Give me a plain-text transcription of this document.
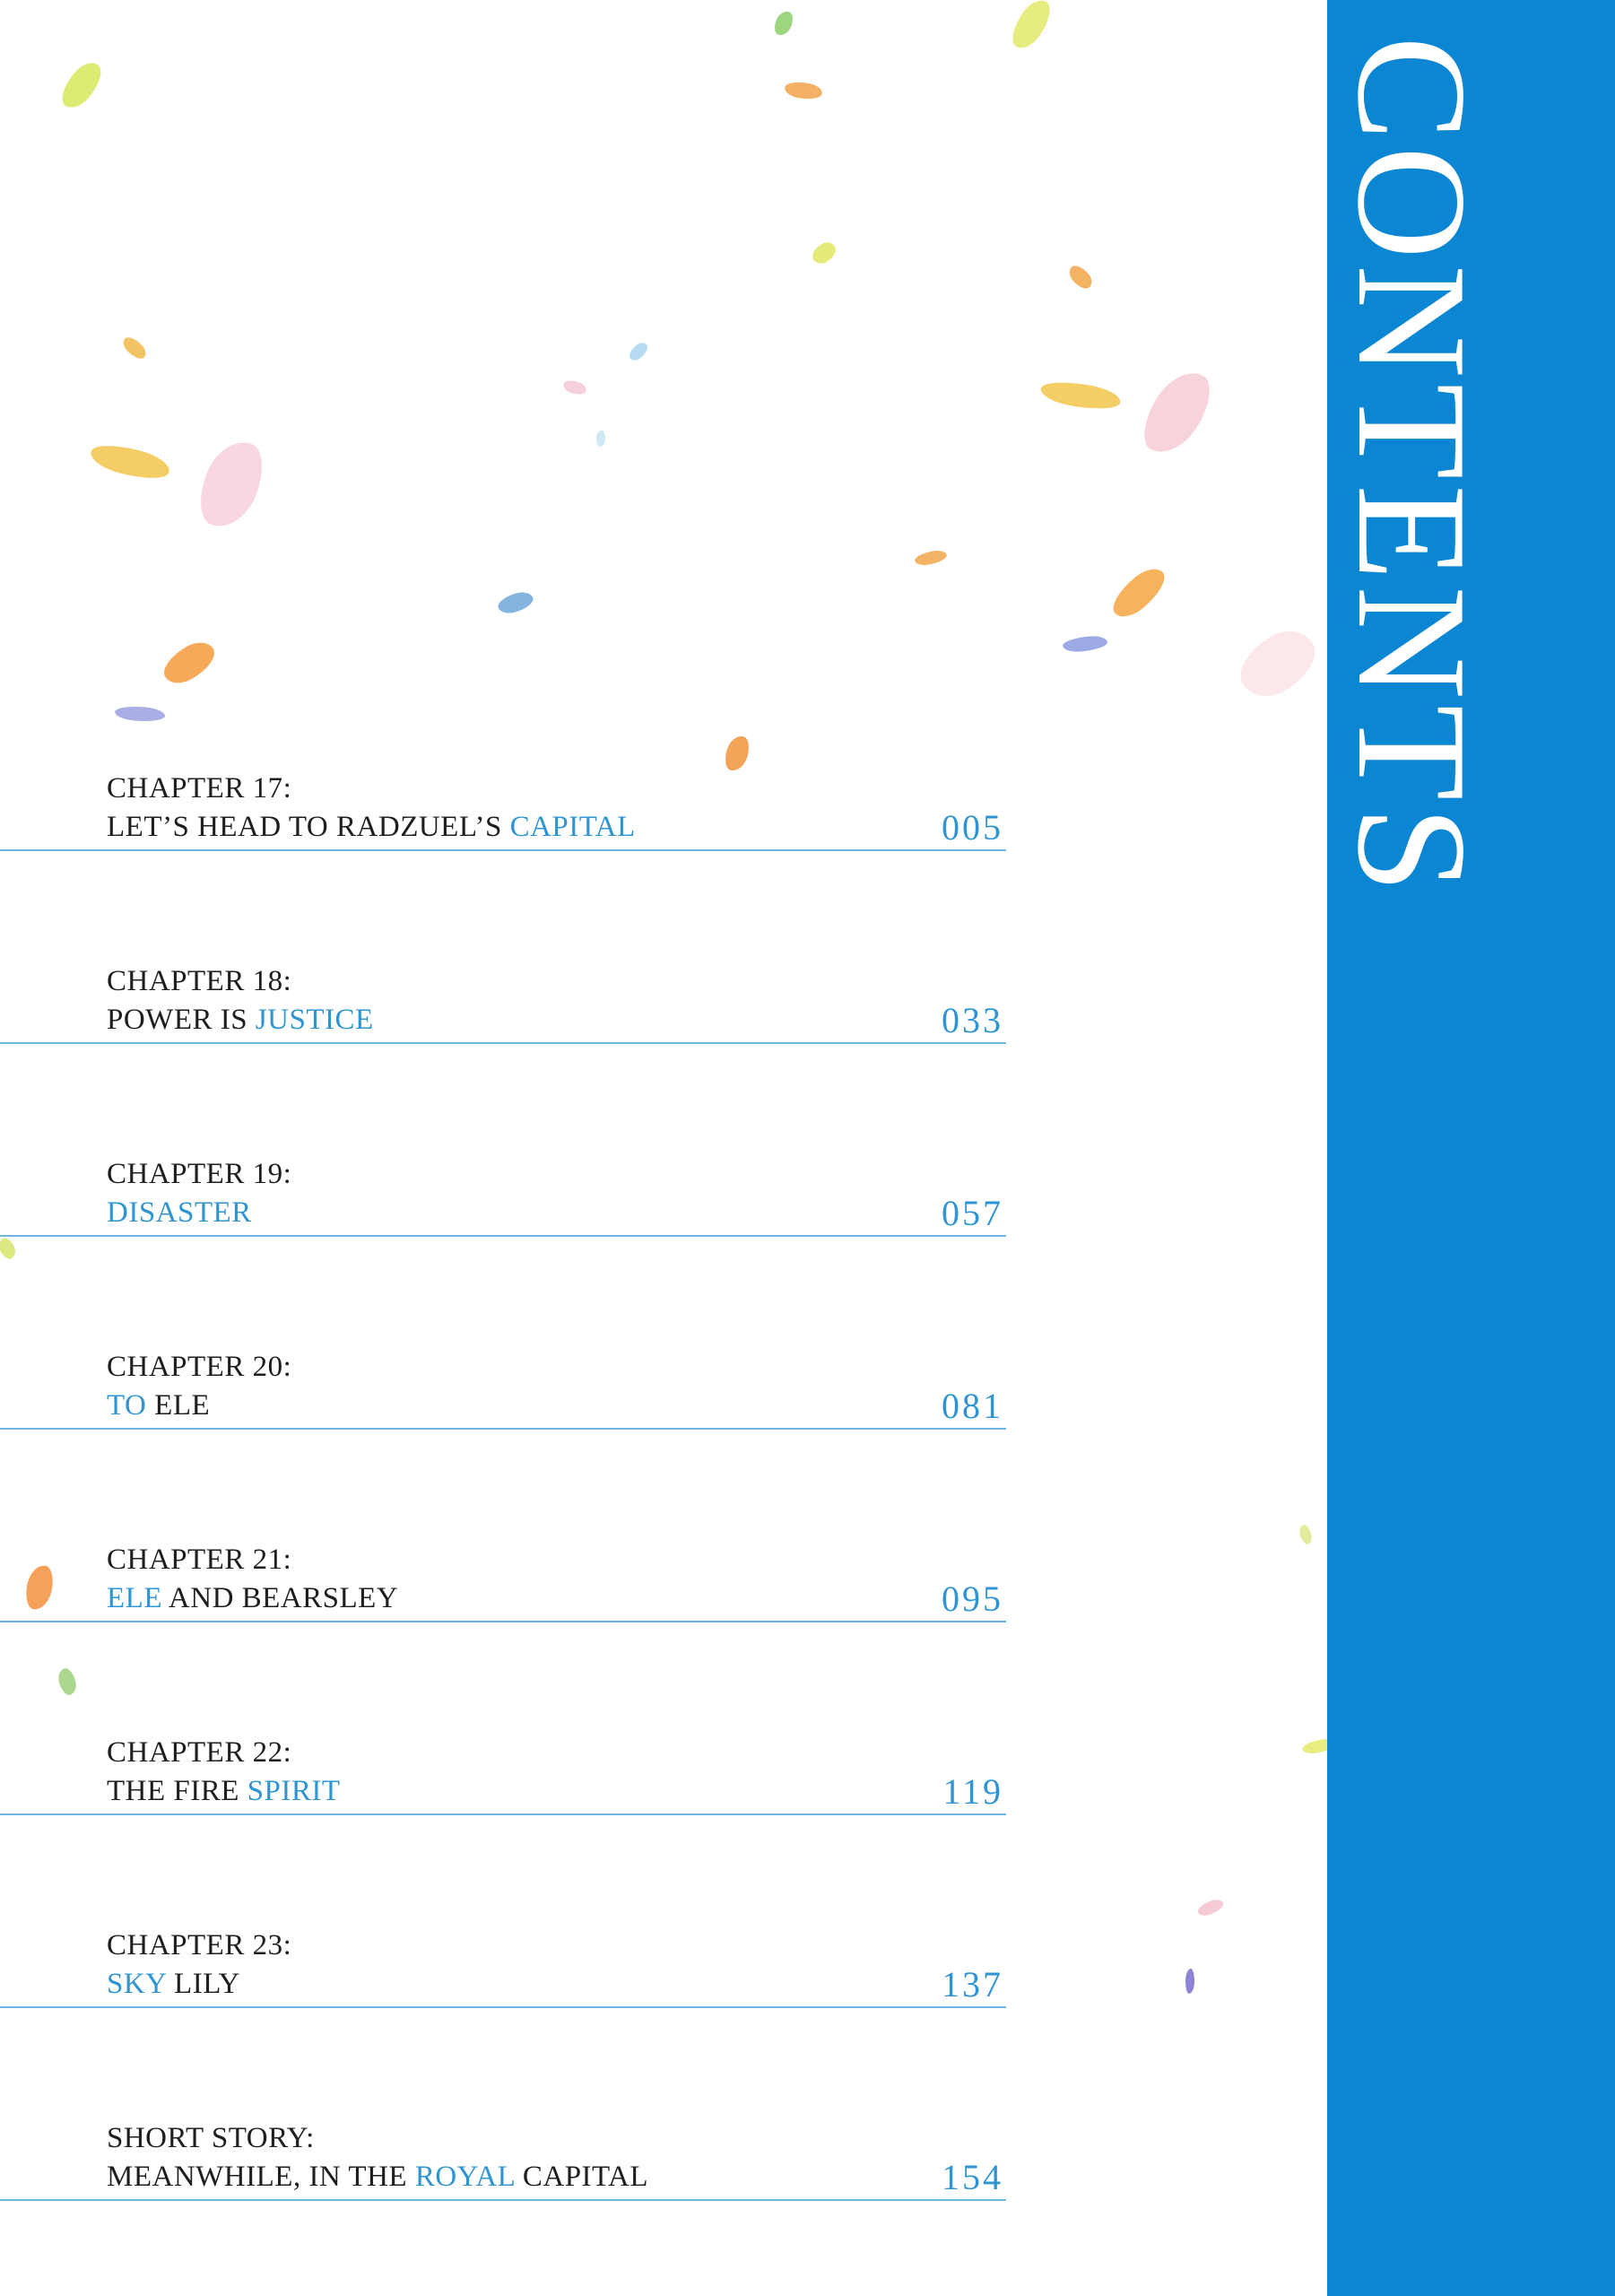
CONTENTS
CHAPTER 17:
LET’S HEAD TO RADZUEL’S CAPITAL	005
CHAPTER 18:
POWER IS JUSTICE	033
CHAPTER 19:
DISASTER	057
CHAPTER 20:
TO ELE	081
CHAPTER 21:
ELE AND BEARSLEY	095
CHAPTER 22:
THE FIRE SPIRIT	119
CHAPTER 23:
SKY LILY	137
SHORT STORY:
MEANWHILE, IN THE ROYAL CAPITAL	154
